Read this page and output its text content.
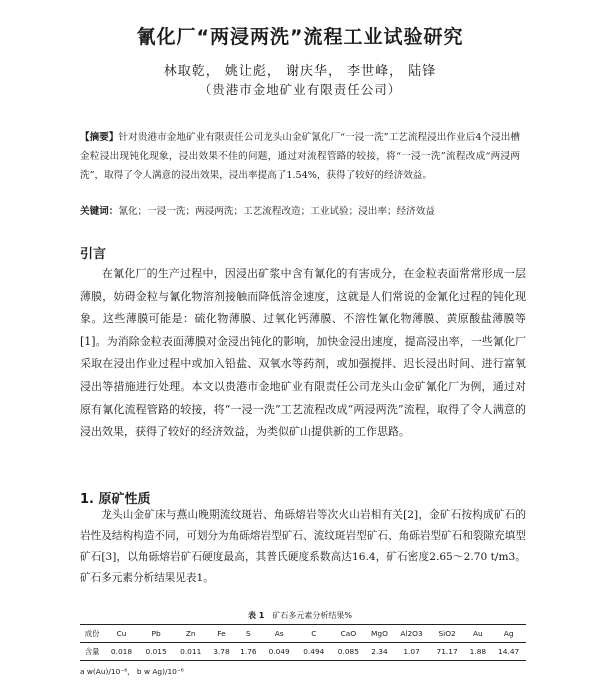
氰化厂“两浸两洗”流程工业试验研究
林取乾， 姚让彪， 谢庆华， 李世峰， 陆锋
（贵港市金地矿业有限责任公司）

【摘要】针对贵港市金地矿业有限责任公司龙头山金矿氰化厂“一浸一洗”工艺流程浸出作业后4个浸出槽金粒浸出现钝化现象，浸出效果不佳的问题，通过对流程管路的较接，将“一浸一洗”流程改成“两浸两洗”，取得了令人满意的浸出效果，浸出率提高了1.54%，获得了较好的经济效益。

关键词：氰化；一浸一洗；两浸两洗；工艺流程改造；工业试验；浸出率；经济效益

引言

在氰化厂的生产过程中，因浸出矿浆中含有氰化的有害成分，在金粒表面常常形成一层薄膜，妨碍金粒与氰化物溶剂接触而降低溶金速度，这就是人们常说的金氰化过程的钝化现象。这些薄膜可能是：硫化物薄膜、过氧化钙薄膜、不溶性氰化物薄膜、黄原酸盐薄膜等[1]。为消除金粒表面薄膜对金浸出钝化的影响，加快金浸出速度，提高浸出率，一些氰化厂采取在浸出作业过程中或加入铅盐、双氧水等药剂，或加强搅拌、迟长浸出时间、进行富氧浸出等措施进行处理。本文以贵港市金地矿业有限责任公司龙头山金矿氰化厂为例，通过对原有氰化流程管路的较接，将“一浸一洗”工艺流程改成“两浸两洗”流程，取得了令人满意的浸出效果，获得了较好的经济效益，为类似矿山提供新的工作思路。

1. 原矿性质

龙头山金矿床与燕山晚期流纹斑岩、角砾熔岩等次火山岩相有关[2]，金矿石按构成矿石的岩性及结构构造不同，可划分为角砾熔岩型矿石、流纹斑岩型矿石、角砾岩型矿石和裂隙充填型矿石[3]，以角砾熔岩矿石硬度最高，其普氏硬度系数高达16.4，矿石密度2.65～2.70 t/m3。矿石多元素分析结果见表1。

表 1 矿石多元素分析结果%
成份	Cu	Pb	Zn	Fe	S	As	C	CaO	MgO	Al2O3	SiO2	Au	Ag
含量	0.018	0.015	0.011	3.78	1.76	0.049	0.494	0.085	2.34	1.07	71.17	1.88	14.47
a w(Au)/10⁻⁶， b w Ag)/10⁻⁶
